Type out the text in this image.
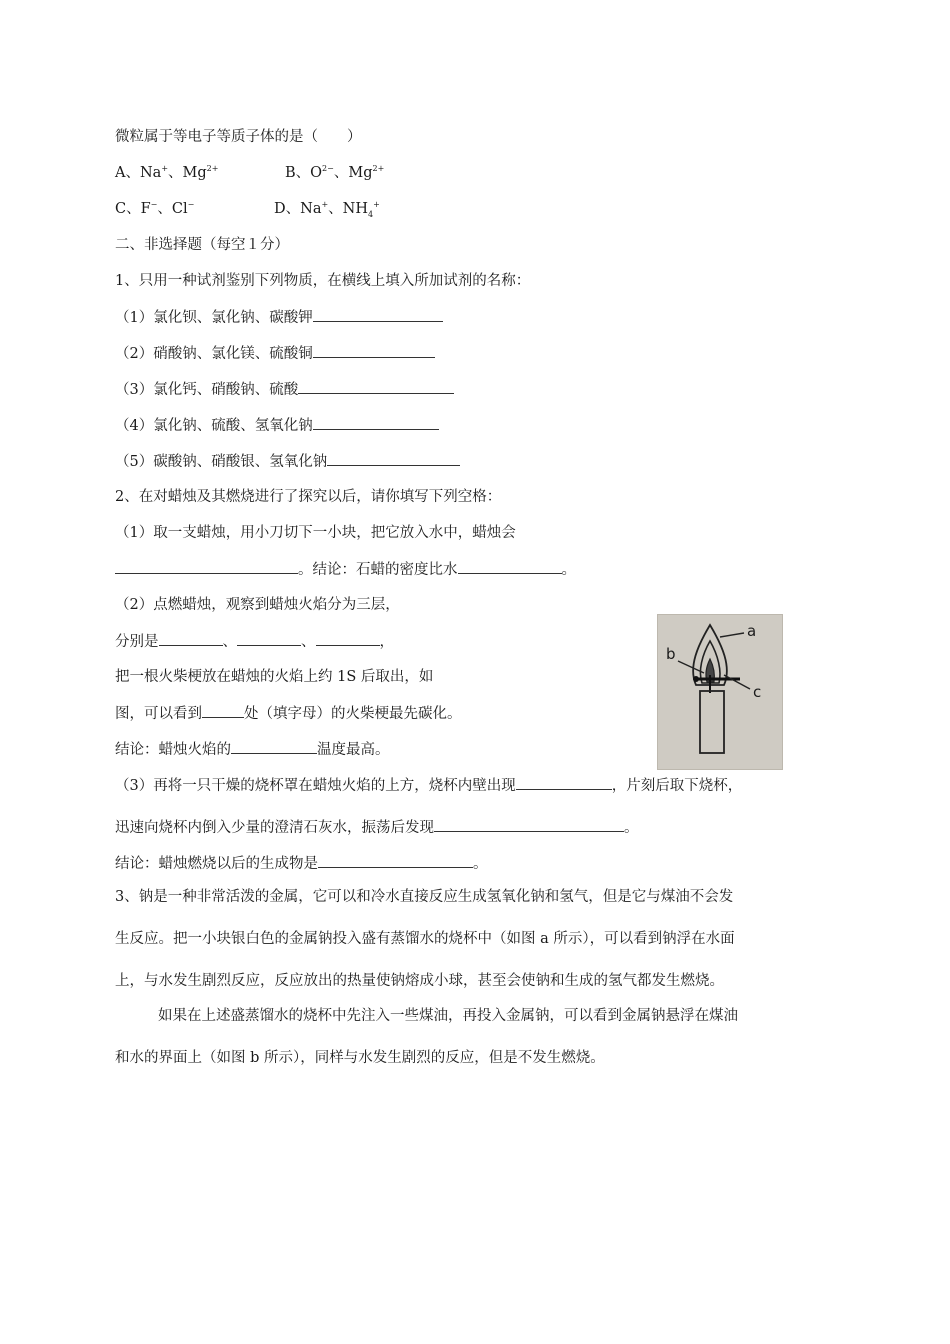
微粒属于等电子等质子体的是（　　）
A、Na+、$Mg^{2+}$	B、$O^{2-}$、$Mg^{2+}$
C、F−、Cl−	D、Na+、$NH_4^+$
二、非选择题（每空１分）
1、只用一种试剂鉴别下列物质，在横线上填入所加试剂的名称：
（1）氯化钡、氯化钠、碳酸钾
（2）硝酸钠、氯化镁、硫酸铜
（3）氯化钙、硝酸钠、硫酸
（4）氯化钠、硫酸、氢氧化钠
（5）碳酸钠、硝酸银、氢氧化钠
2、在对蜡烛及其燃烧进行了探究以后，请你填写下列空格：
（1）取一支蜡烛，用小刀切下一小块，把它放入水中，蜡烛会
。结论：石蜡的密度比水	。
（2）点燃蜡烛，观察到蜡烛火焰分为三层，
分别是	、	、	，
把一根火柴梗放在蜡烛的火焰上约 1S 后取出，如
图，可以看到	处（填字母）的火柴梗最先碳化。
结论：蜡烛火焰的	温度最高。
（3）再将一只干燥的烧杯罩在蜡烛火焰的上方，烧杯内壁出现	，片刻后取下烧杯，
迅速向烧杯内倒入少量的澄清石灰水，振荡后发现	。
结论：蜡烛燃烧以后的生成物是	。
3、钠是一种非常活泼的金属，它可以和冷水直接反应生成氢氧化钠和氢气，但是它与煤油不会发
生反应。把一小块银白色的金属钠投入盛有蒸馏水的烧杯中（如图 a 所示），可以看到钠浮在水面
上，与水发生剧烈反应，反应放出的热量使钠熔成小球，甚至会使钠和生成的氢气都发生燃烧。
如果在上述盛蒸馏水的烧杯中先注入一些煤油，再投入金属钠，可以看到金属钠悬浮在煤油
和水的界面上（如图 b 所示），同样与水发生剧烈的反应，但是不发生燃烧。
a
b
c
